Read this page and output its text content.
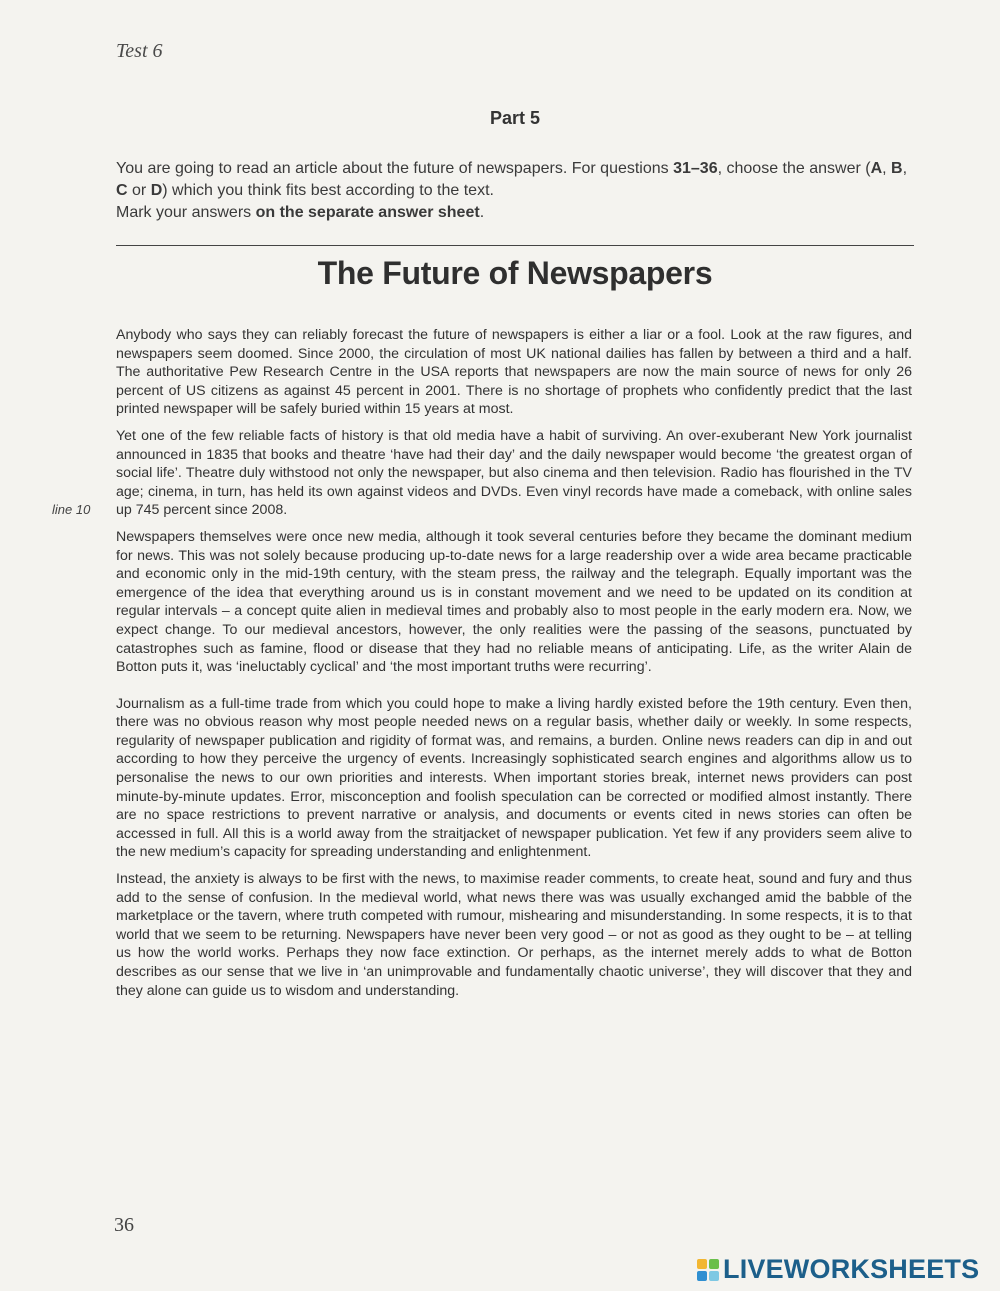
Test 6
Part 5

You are going to read an article about the future of newspapers. For questions 31–36, choose the answer (A, B, C or D) which you think fits best according to the text.

Mark your answers on the separate answer sheet.

The Future of Newspapers
line 10

Anybody who says they can reliably forecast the future of newspapers is either a liar or a fool. Look at the raw figures, and newspapers seem doomed. Since 2000, the circulation of most UK national dailies has fallen by between a third and a half. The authoritative Pew Research Centre in the USA reports that newspapers are now the main source of news for only 26 percent of US citizens as against 45 percent in 2001. There is no shortage of prophets who confidently predict that the last printed newspaper will be safely buried within 15 years at most.

Yet one of the few reliable facts of history is that old media have a habit of surviving. An over-exuberant New York journalist announced in 1835 that books and theatre ‘have had their day’ and the daily newspaper would become ‘the greatest organ of social life’. Theatre duly withstood not only the newspaper, but also cinema and then television. Radio has flourished in the TV age; cinema, in turn, has held its own against videos and DVDs. Even vinyl records have made a comeback, with online sales up 745 percent since 2008.

Newspapers themselves were once new media, although it took several centuries before they became the dominant medium for news. This was not solely because producing up-to-date news for a large readership over a wide area became practicable and economic only in the mid-19th century, with the steam press, the railway and the telegraph. Equally important was the emergence of the idea that everything around us is in constant movement and we need to be updated on its condition at regular intervals – a concept quite alien in medieval times and probably also to most people in the early modern era. Now, we expect change. To our medieval ancestors, however, the only realities were the passing of the seasons, punctuated by catastrophes such as famine, flood or disease that they had no reliable means of anticipating. Life, as the writer Alain de Botton puts it, was ‘ineluctably cyclical’ and ‘the most important truths were recurring’.

Journalism as a full-time trade from which you could hope to make a living hardly existed before the 19th century. Even then, there was no obvious reason why most people needed news on a regular basis, whether daily or weekly. In some respects, regularity of newspaper publication and rigidity of format was, and remains, a burden. Online news readers can dip in and out according to how they perceive the urgency of events. Increasingly sophisticated search engines and algorithms allow us to personalise the news to our own priorities and interests. When important stories break, internet news providers can post minute-by-minute updates. Error, misconception and foolish speculation can be corrected or modified almost instantly. There are no space restrictions to prevent narrative or analysis, and documents or events cited in news stories can often be accessed in full. All this is a world away from the straitjacket of newspaper publication. Yet few if any providers seem alive to the new medium’s capacity for spreading understanding and enlightenment.

Instead, the anxiety is always to be first with the news, to maximise reader comments, to create heat, sound and fury and thus add to the sense of confusion. In the medieval world, what news there was was usually exchanged amid the babble of the marketplace or the tavern, where truth competed with rumour, mishearing and misunderstanding. In some respects, it is to that world that we seem to be returning. Newspapers have never been very good – or not as good as they ought to be – at telling us how the world works. Perhaps they now face extinction. Or perhaps, as the internet merely adds to what de Botton describes as our sense that we live in ‘an unimprovable and fundamentally chaotic universe’, they will discover that they and they alone can guide us to wisdom and understanding.

36
LIVEWORKSHEETS
